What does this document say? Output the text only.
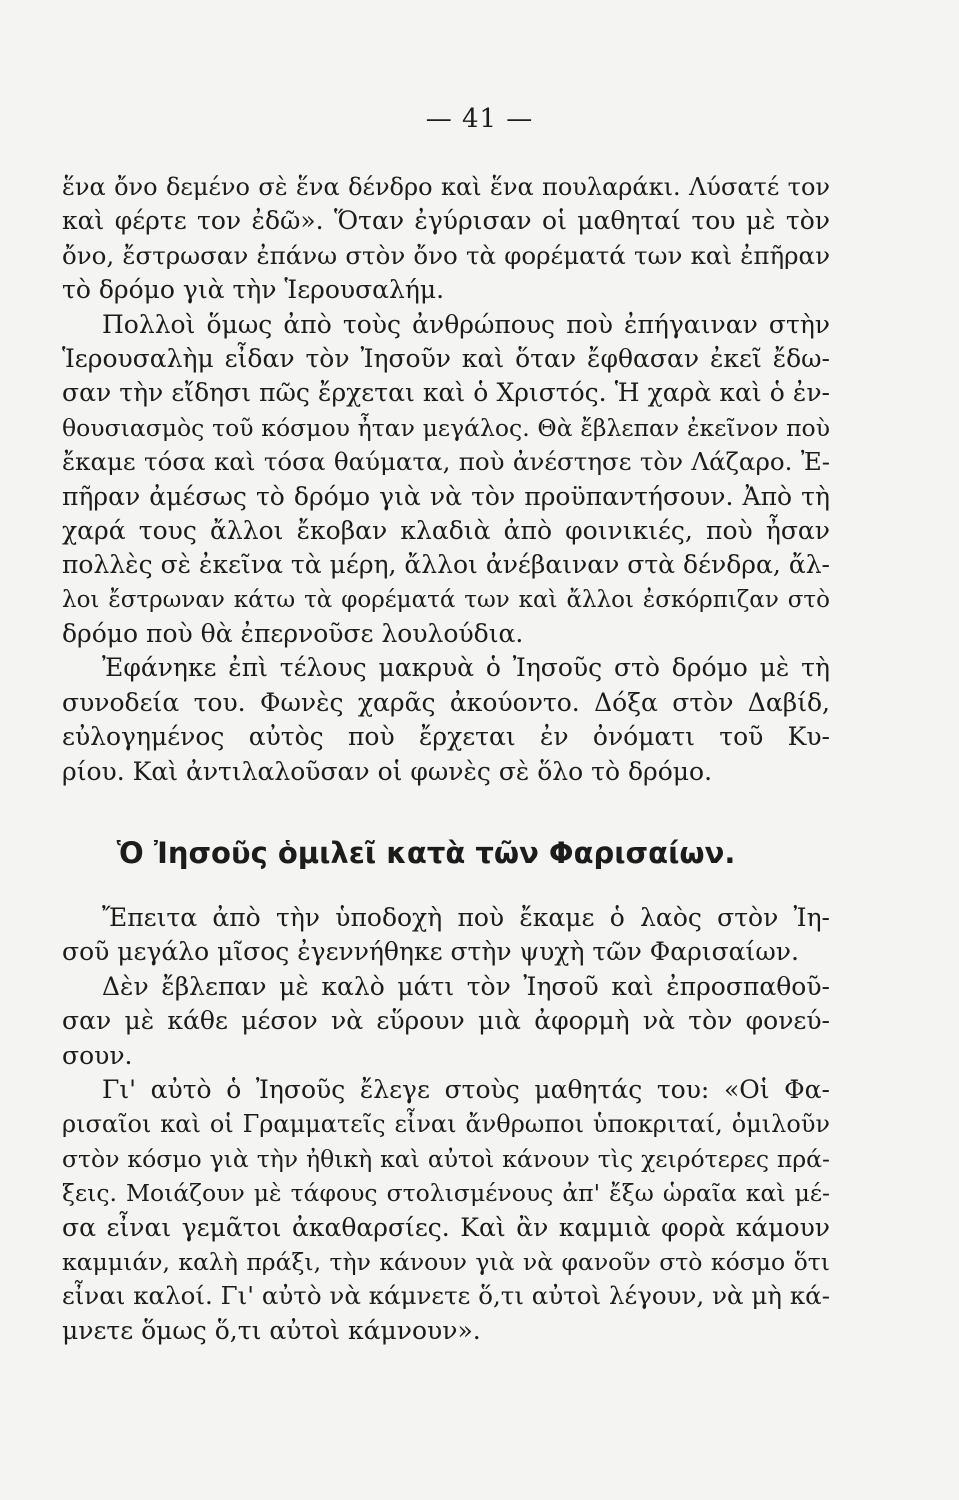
— 41 —
ἕνα ὄνο δεμένο σὲ ἕνα δένδρο καὶ ἕνα πουλαράκι. Λύσατέ τον
καὶ φέρτε τον ἐδῶ». Ὅταν ἐγύρισαν οἱ μαθηταί του μὲ τὸν
ὄνο, ἔστρωσαν ἐπάνω στὸν ὄνο τὰ φορέματά των καὶ ἐπῆραν
τὸ δρόμο γιὰ τὴν Ἱερουσαλήμ.
Πολλοὶ ὅμως ἀπὸ τοὺς ἀνθρώπους ποὺ ἐπήγαιναν στὴν
Ἱερουσαλὴμ εἶδαν τὸν Ἰησοῦν καὶ ὅταν ἔφθασαν ἐκεῖ ἔδω-
σαν τὴν εἴδησι πῶς ἔρχεται καὶ ὁ Χριστός. Ἡ χαρὰ καὶ ὁ ἐν-
θουσιασμὸς τοῦ κόσμου ἦταν μεγάλος. Θὰ ἔβλεπαν ἐκεῖνον ποὺ
ἔκαμε τόσα καὶ τόσα θαύματα, ποὺ ἀνέστησε τὸν Λάζαρο. Ἐ-
πῆραν ἀμέσως τὸ δρόμο γιὰ νὰ τὸν προϋπαντήσουν. Ἀπὸ τὴ
χαρά τους ἄλλοι ἔκοβαν κλαδιὰ ἀπὸ φοινικιές, ποὺ ἦσαν
πολλὲς σὲ ἐκεῖνα τὰ μέρη, ἄλλοι ἀνέβαιναν στὰ δένδρα, ἄλ-
λοι ἔστρωναν κάτω τὰ φορέματά των καὶ ἄλλοι ἐσκόρπιζαν στὸ
δρόμο ποὺ θὰ ἐπερνοῦσε λουλούδια.
Ἐφάνηκε ἐπὶ τέλους μακρυὰ ὁ Ἰησοῦς στὸ δρόμο μὲ τὴ
συνοδεία του. Φωνὲς χαρᾶς ἀκούοντο. Δόξα στὸν Δαβίδ,
εὐλογημένος αὐτὸς ποὺ ἔρχεται ἐν ὀνόματι τοῦ Κυ-
ρίου. Καὶ ἀντιλαλοῦσαν οἱ φωνὲς σὲ ὅλο τὸ δρόμο.
Ὁ Ἰησοῦς ὁμιλεῖ κατὰ τῶν Φαρισαίων.
Ἔπειτα ἀπὸ τὴν ὑποδοχὴ ποὺ ἔκαμε ὁ λαὸς στὸν Ἰη-
σοῦ μεγάλο μῖσος ἐγεννήθηκε στὴν ψυχὴ τῶν Φαρισαίων.
Δὲν ἔβλεπαν μὲ καλὸ μάτι τὸν Ἰησοῦ καὶ ἐπροσπαθοῦ-
σαν μὲ κάθε μέσον νὰ εὕρουν μιὰ ἀφορμὴ νὰ τὸν φονεύ-
σουν.
Γι' αὐτὸ ὁ Ἰησοῦς ἔλεγε στοὺς μαθητάς του: «Οἱ Φα-
ρισαῖοι καὶ οἱ Γραμματεῖς εἶναι ἄνθρωποι ὑποκριταί, ὁμιλοῦν
στὸν κόσμο γιὰ τὴν ἠθικὴ καὶ αὐτοὶ κάνουν τὶς χειρότερες πρά-
ξεις. Μοιάζουν μὲ τάφους στολισμένους ἀπ' ἔξω ὡραῖα καὶ μέ-
σα εἶναι γεμᾶτοι ἀκαθαρσίες. Καὶ ἂν καμμιὰ φορὰ κάμουν
καμμιάν, καλὴ πράξι, τὴν κάνουν γιὰ νὰ φανοῦν στὸ κόσμο ὅτι
εἶναι καλοί. Γι' αὐτὸ νὰ κάμνετε ὅ,τι αὐτοὶ λέγουν, νὰ μὴ κά-
μνετε ὅμως ὅ,τι αὐτοὶ κάμνουν».
